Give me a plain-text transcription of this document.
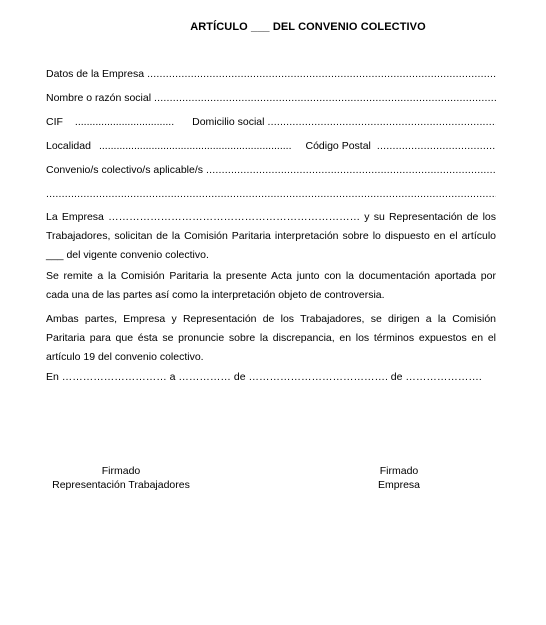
ARTÍCULO ___ DEL CONVENIO COLECTIVO
Datos de la Empresa
.....
Nombre o razón social
.....
CIF .................................. Domicilio social
.....
Localidad .................................................................. Código Postal
.....
Convenio/s colectivo/s aplicable/s
.....
.....
La Empresa ……………………………………………………………… y su Representación de los Trabajadores, solicitan de la Comisión Paritaria interpretación sobre lo dispuesto en el artículo ___ del vigente convenio colectivo.
Se remite a la Comisión Paritaria la presente Acta junto con la documentación aportada por cada una de las partes así como la interpretación objeto de controversia.
Ambas partes, Empresa y Representación de los Trabajadores, se dirigen a la Comisión Paritaria para que ésta se pronuncie sobre la discrepancia, en los términos expuestos en el artículo 19 del convenio colectivo.
En ………………………… a …………… de …………………………………. de ………………….
Firmado
Representación Trabajadores
Firmado
Empresa
